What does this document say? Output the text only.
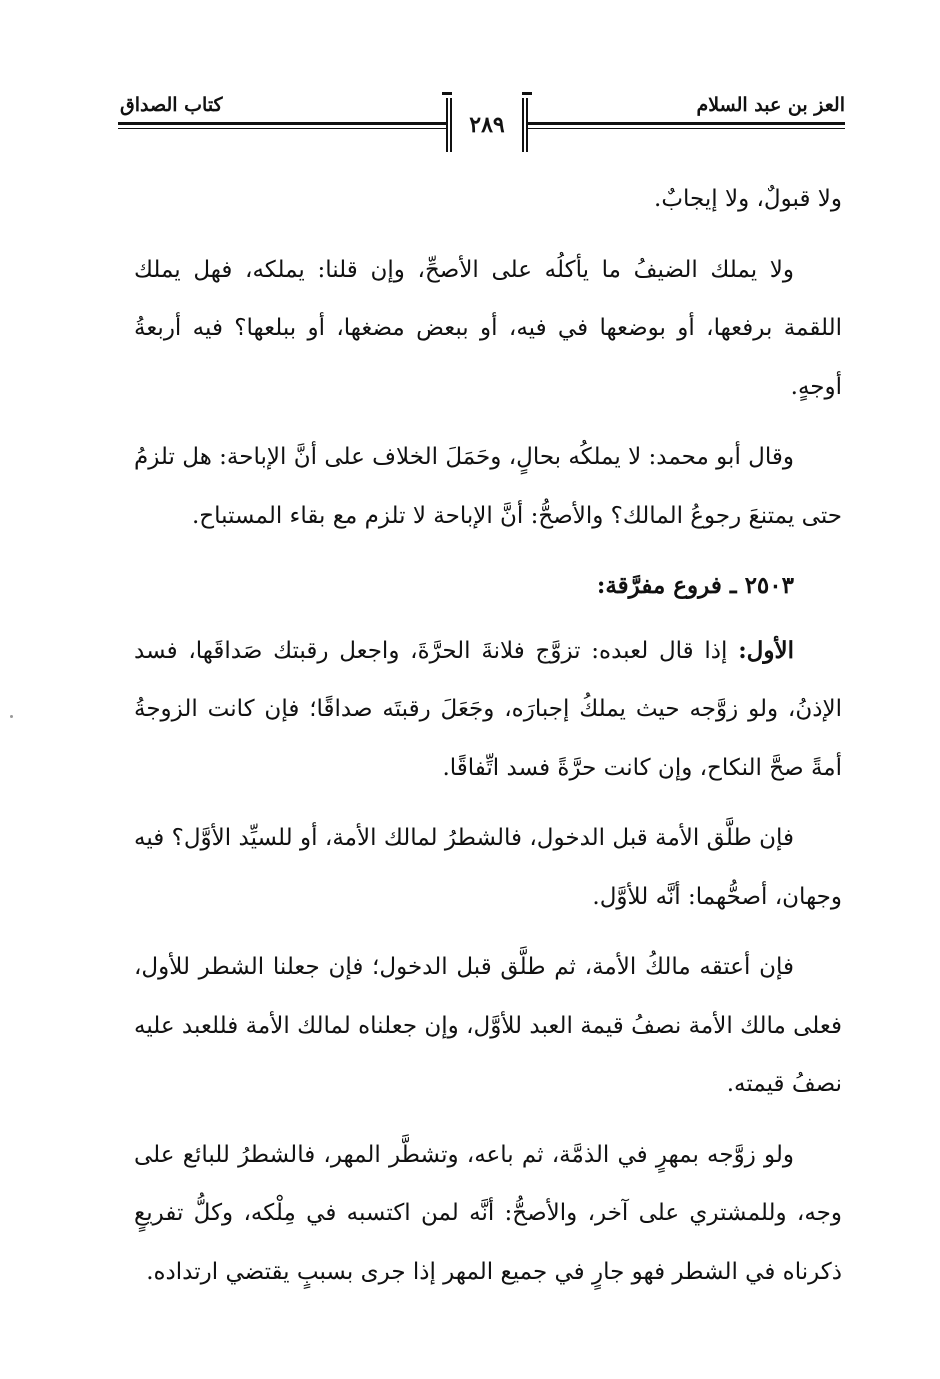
كتاب الصداق	العز بن عبد السلام
٢٨٩

ولا قبولٌ، ولا إيجابٌ.

ولا يملك الضيفُ ما يأكلُه على الأصحِّ، وإن قلنا: يملكه، فهل يملك اللقمة برفعها، أو بوضعها في فيه، أو ببعض مضغها، أو ببلعها؟ فيه أربعةُ أوجهٍ.

وقال أبو محمد: لا يملكُه بحالٍ، وحَمَلَ الخلاف على أنَّ الإباحة: هل تلزمُ حتى يمتنعَ رجوعُ المالك؟ والأصحُّ: أنَّ الإباحة لا تلزم مع بقاء المستباح.

٢٥٠٣ ـ فروع مفرَّقة:

الأول: إذا قال لعبده: تزوَّج فلانةَ الحرَّةَ، واجعل رقبتك صَداقَها، فسد الإذنُ، ولو زوَّجه حيث يملكُ إجبارَه، وجَعَلَ رقبتَه صداقًا؛ فإن كانت الزوجةُ أمةً صحَّ النكاح، وإن كانت حرَّةً فسد اتِّفاقًا.

فإن طلَّق الأمة قبل الدخول، فالشطرُ لمالك الأمة، أو للسيِّد الأوَّل؟ فيه وجهان، أصحُّهما: أنَّه للأوَّل.

فإن أعتقه مالكُ الأمة، ثم طلَّق قبل الدخول؛ فإن جعلنا الشطر للأول، فعلى مالك الأمة نصفُ قيمة العبد للأوَّل، وإن جعلناه لمالك الأمة فللعبد عليه نصفُ قيمته.

ولو زوَّجه بمهرٍ في الذمَّة، ثم باعه، وتشطَّر المهر، فالشطرُ للبائع على وجه، وللمشتري على آخر، والأصحُّ: أنَّه لمن اكتسبه في مِلْكه، وكلُّ تفريعٍ ذكرناه في الشطر فهو جارٍ في جميع المهر إذا جرى بسببٍ يقتضي ارتداده.
